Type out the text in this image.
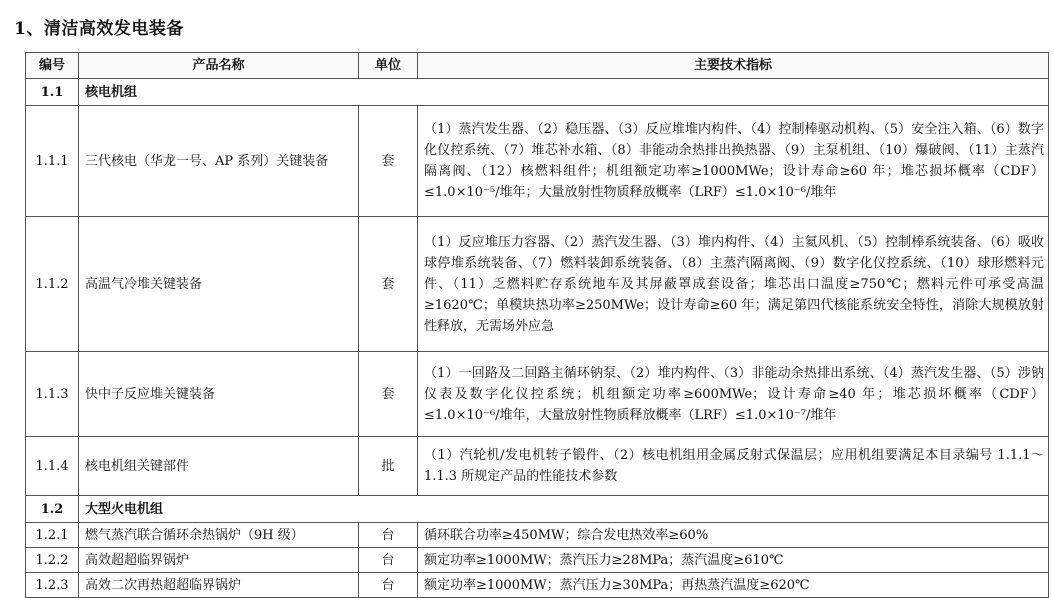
1、清洁高效发电装备
编号	产品名称	单位	主要技术指标
1.1	核电机组		
1.1.1	三代核电（华龙一号、AP 系列）关键装备	套	（1）蒸汽发生器、（2）稳压器、（3）反应堆堆内构件、（4）控制棒驱动机构、（5）安全注入箱、（6）数字化仪控系统、（7）堆芯补水箱、（8）非能动余热排出换热器、（9）主泵机组、（10）爆破阀、（11）主蒸汽隔离阀、（12）核燃料组件；机组额定功率≥1000MWe；设计寿命≥60 年；堆芯损坏概率（CDF）≤1.0×10⁻⁵/堆年；大量放射性物质释放概率（LRF）≤1.0×10⁻⁶/堆年
1.1.2	高温气冷堆关键装备	套	（1）反应堆压力容器、（2）蒸汽发生器、（3）堆内构件、（4）主氦风机、（5）控制棒系统装备、（6）吸收球停堆系统装备、（7）燃料装卸系统装备、（8）主蒸汽隔离阀、（9）数字化仪控系统、（10）球形燃料元件、（11）乏燃料贮存系统地车及其屏蔽罩成套设备；堆芯出口温度≥750℃；燃料元件可承受高温≥1620℃；单模块热功率≥250MWe；设计寿命≥60 年；满足第四代核能系统安全特性，消除大规模放射性释放，无需场外应急
1.1.3	快中子反应堆关键装备	套	（1）一回路及二回路主循环钠泵、（2）堆内构件、（3）非能动余热排出系统、（4）蒸汽发生器、（5）涉钠仪表及数字化仪控系统；机组额定功率≥600MWe；设计寿命≥40 年；堆芯损坏概率（CDF）≤1.0×10⁻⁶/堆年，大量放射性物质释放概率（LRF）≤1.0×10⁻⁷/堆年
1.1.4	核电机组关键部件	批	（1）汽轮机/发电机转子锻件、（2）核电机组用金属反射式保温层；应用机组要满足本目录编号 1.1.1～1.1.3 所规定产品的性能技术参数
1.2	大型火电机组		
1.2.1	燃气蒸汽联合循环余热锅炉（9H 级）	台	循环联合功率≥450MW；综合发电热效率≥60%
1.2.2	高效超超临界锅炉	台	额定功率≥1000MW；蒸汽压力≥28MPa；蒸汽温度≥610℃
1.2.3	高效二次再热超超临界锅炉	台	额定功率≥1000MW；蒸汽压力≥30MPa；再热蒸汽温度≥620℃
